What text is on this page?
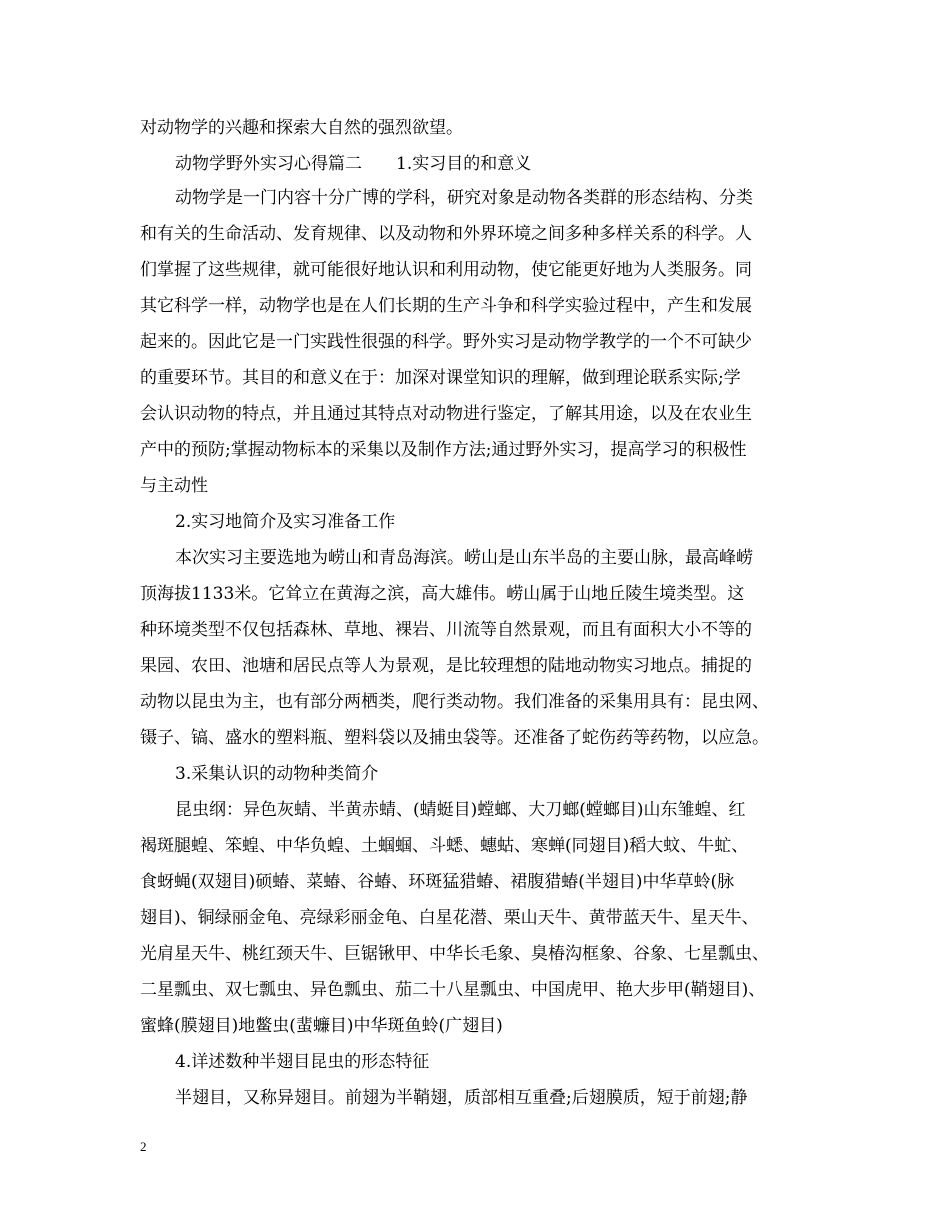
对动物学的兴趣和探索大自然的强烈欲望。
动物学野外实习心得篇二　　1.实习目的和意义
动物学是一门内容十分广博的学科，研究对象是动物各类群的形态结构、分类
和有关的生命活动、发育规律、以及动物和外界环境之间多种多样关系的科学。人
们掌握了这些规律，就可能很好地认识和利用动物，使它能更好地为人类服务。同
其它科学一样，动物学也是在人们长期的生产斗争和科学实验过程中，产生和发展
起来的。因此它是一门实践性很强的科学。野外实习是动物学教学的一个不可缺少
的重要环节。其目的和意义在于：加深对课堂知识的理解，做到理论联系实际;学
会认识动物的特点，并且通过其特点对动物进行鉴定，了解其用途，以及在农业生
产中的预防;掌握动物标本的采集以及制作方法;通过野外实习，提高学习的积极性
与主动性
2.实习地简介及实习准备工作
本次实习主要选地为崂山和青岛海滨。崂山是山东半岛的主要山脉，最高峰崂
顶海拔1133米。它耸立在黄海之滨，高大雄伟。崂山属于山地丘陵生境类型。这
种环境类型不仅包括森林、草地、裸岩、川流等自然景观，而且有面积大小不等的
果园、农田、池塘和居民点等人为景观，是比较理想的陆地动物实习地点。捕捉的
动物以昆虫为主，也有部分两栖类，爬行类动物。我们准备的采集用具有：昆虫网、
镊子、镐、盛水的塑料瓶、塑料袋以及捕虫袋等。还准备了蛇伤药等药物，以应急。
3.采集认识的动物种类简介
昆虫纲：异色灰蜻、半黄赤蜻、(蜻蜓目)螳螂、大刀螂(螳螂目)山东雏蝗、红
褐斑腿蝗、笨蝗、中华负蝗、土蝈蝈、斗蟋、蟪蛄、寒蝉(同翅目)稻大蚊、牛虻、
食蚜蝇(双翅目)硕蝽、菜蝽、谷蝽、环斑猛猎蝽、裙腹猎蝽(半翅目)中华草蛉(脉
翅目)、铜绿丽金龟、亮绿彩丽金龟、白星花潜、栗山天牛、黄带蓝天牛、星天牛、
光肩星天牛、桃红颈天牛、巨锯锹甲、中华长毛象、臭椿沟框象、谷象、七星瓢虫、
二星瓢虫、双七瓢虫、异色瓢虫、茄二十八星瓢虫、中国虎甲、艳大步甲(鞘翅目)、
蜜蜂(膜翅目)地鳖虫(蜚蠊目)中华斑鱼蛉(广翅目)
4.详述数种半翅目昆虫的形态特征
半翅目，又称异翅目。前翅为半鞘翅，质部相互重叠;后翅膜质，短于前翅;静
2
